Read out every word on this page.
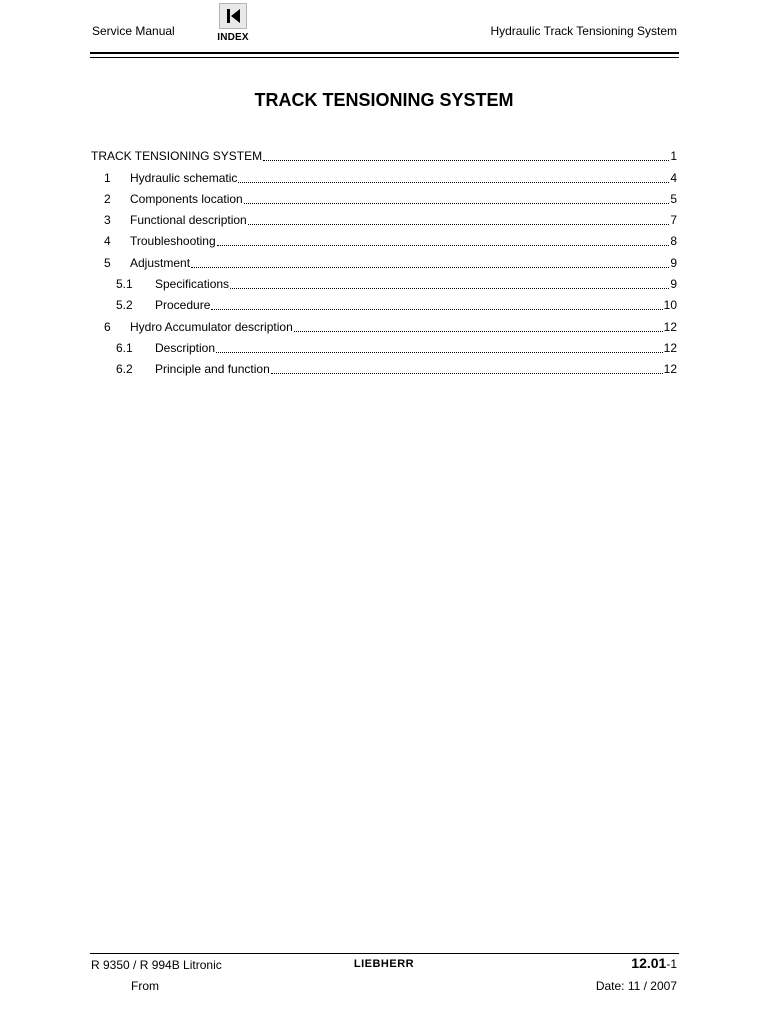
Service Manual	INDEX	Hydraulic Track Tensioning System
TRACK TENSIONING SYSTEM
TRACK TENSIONING SYSTEM	1
1	Hydraulic schematic	4
2	Components location	5
3	Functional description	7
4	Troubleshooting	8
5	Adjustment	9
5.1	Specifications	9
5.2	Procedure	10
6	Hydro Accumulator description	12
6.1	Description	12
6.2	Principle and function	12
R 9350 / R 994B Litronic	LIEBHERR	12.01-1
From	Date: 11 / 2007
